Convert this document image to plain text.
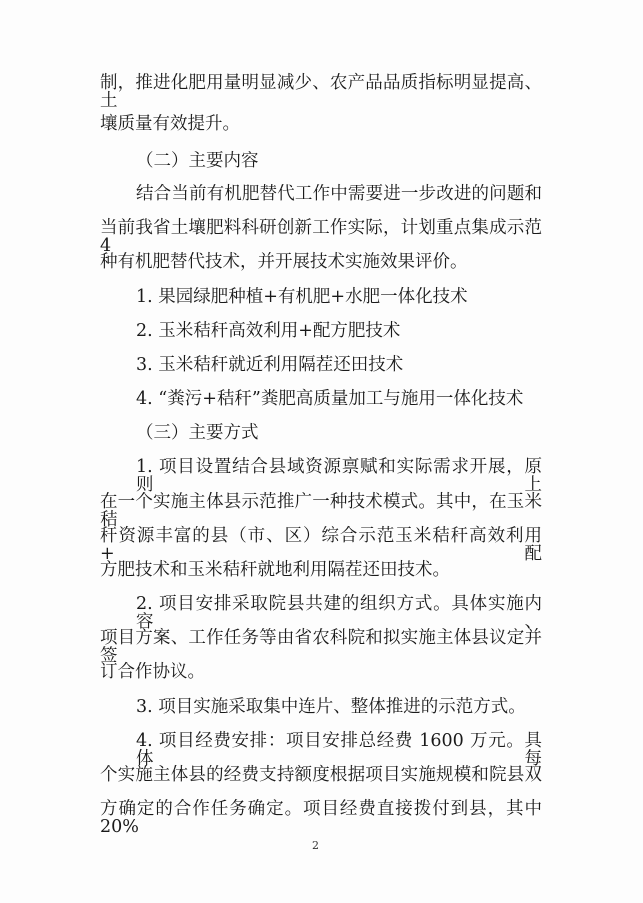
制，推进化肥用量明显减少、农产品品质指标明显提高、土
壤质量有效提升。
（二）主要内容
结合当前有机肥替代工作中需要进一步改进的问题和
当前我省土壤肥料科研创新工作实际，计划重点集成示范 4
种有机肥替代技术，并开展技术实施效果评价。
1. 果园绿肥种植+有机肥+水肥一体化技术
2. 玉米秸秆高效利用+配方肥技术
3. 玉米秸秆就近利用隔茬还田技术
4. “粪污+秸秆”粪肥高质量加工与施用一体化技术
（三）主要方式
1. 项目设置结合县域资源禀赋和实际需求开展，原则上
在一个实施主体县示范推广一种技术模式。其中，在玉米秸
秆资源丰富的县（市、区）综合示范玉米秸秆高效利用+配
方肥技术和玉米秸秆就地利用隔茬还田技术。
2. 项目安排采取院县共建的组织方式。具体实施内容、
项目方案、工作任务等由省农科院和拟实施主体县议定并签
订合作协议。
3. 项目实施采取集中连片、整体推进的示范方式。
4. 项目经费安排：项目安排总经费 1600 万元。具体每
个实施主体县的经费支持额度根据项目实施规模和院县双
方确定的合作任务确定。项目经费直接拨付到县，其中 20%
2
